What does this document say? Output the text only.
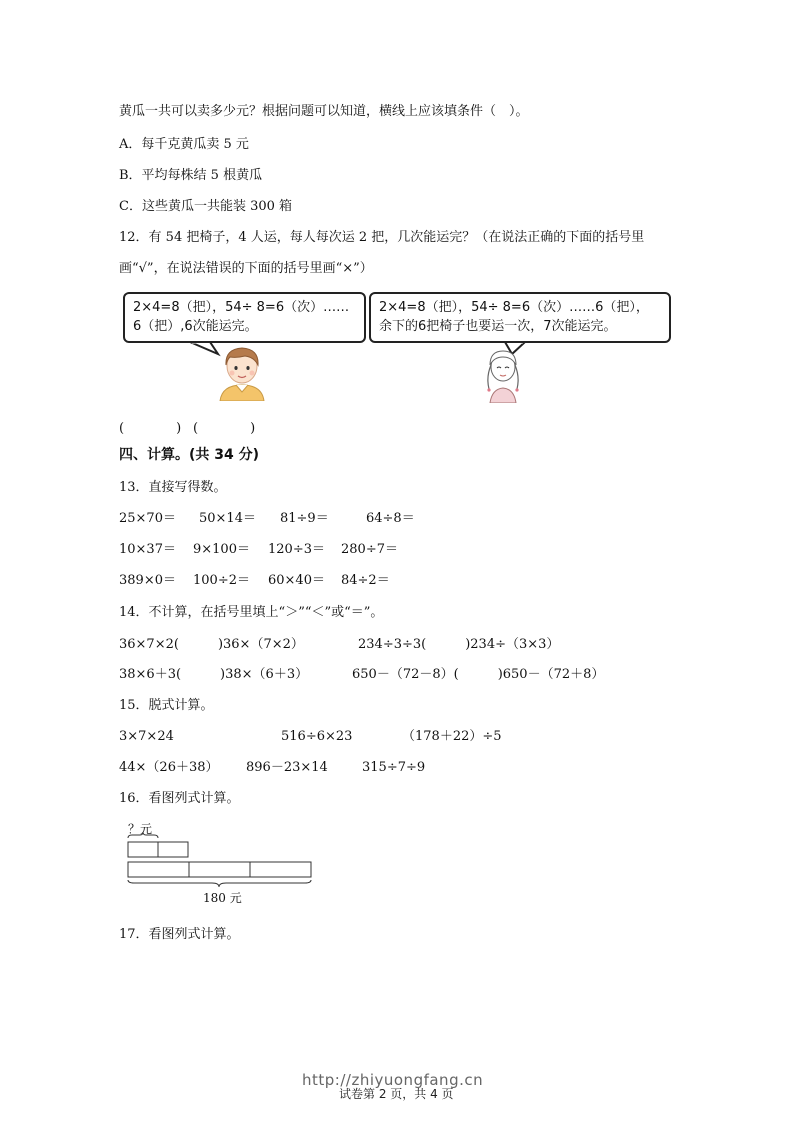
黄瓜一共可以卖多少元？根据问题可以知道，横线上应该填条件（　）。
A．每千克黄瓜卖 5 元
B．平均每株结 5 根黄瓜
C．这些黄瓜一共能装 300 箱
12．有 54 把椅子，4 人运，每人每次运 2 把，几次能运完？（在说法正确的下面的括号里
画“√”，在说法错误的下面的括号里画“×”）
2×4=8（把），54÷ 8=6（次）……
6（把）,6次能运完。
2×4=8（把），54÷ 8=6（次）……6（把），
余下的6把椅子也要运一次，7次能运完。
(　　　　) (　　　　)
四、计算。(共 34 分)
13．直接写得数。
25×70＝ 50×14＝ 81÷9＝	64÷8＝
10×37＝ 9×100＝ 120÷3＝ 280÷7＝
389×0＝ 100÷2＝ 60×40＝ 84÷2＝
14．不计算，在括号里填上“＞”“＜”或“＝”。
36×7×2(　　　)36×（7×2）	234÷3÷3(　　　)234÷（3×3）
38×6＋3(　　　)38×（6＋3）	650－（72－8）(　　　)650－（72＋8）
15．脱式计算。
3×7×24	516÷6×23	（178＋22）÷5
44×（26＋38） 896－23×14	315÷7÷9
16．看图列式计算。
？元
180 元
17．看图列式计算。
http://zhiyuongfang.cn
试卷第 2 页，共 4 页
